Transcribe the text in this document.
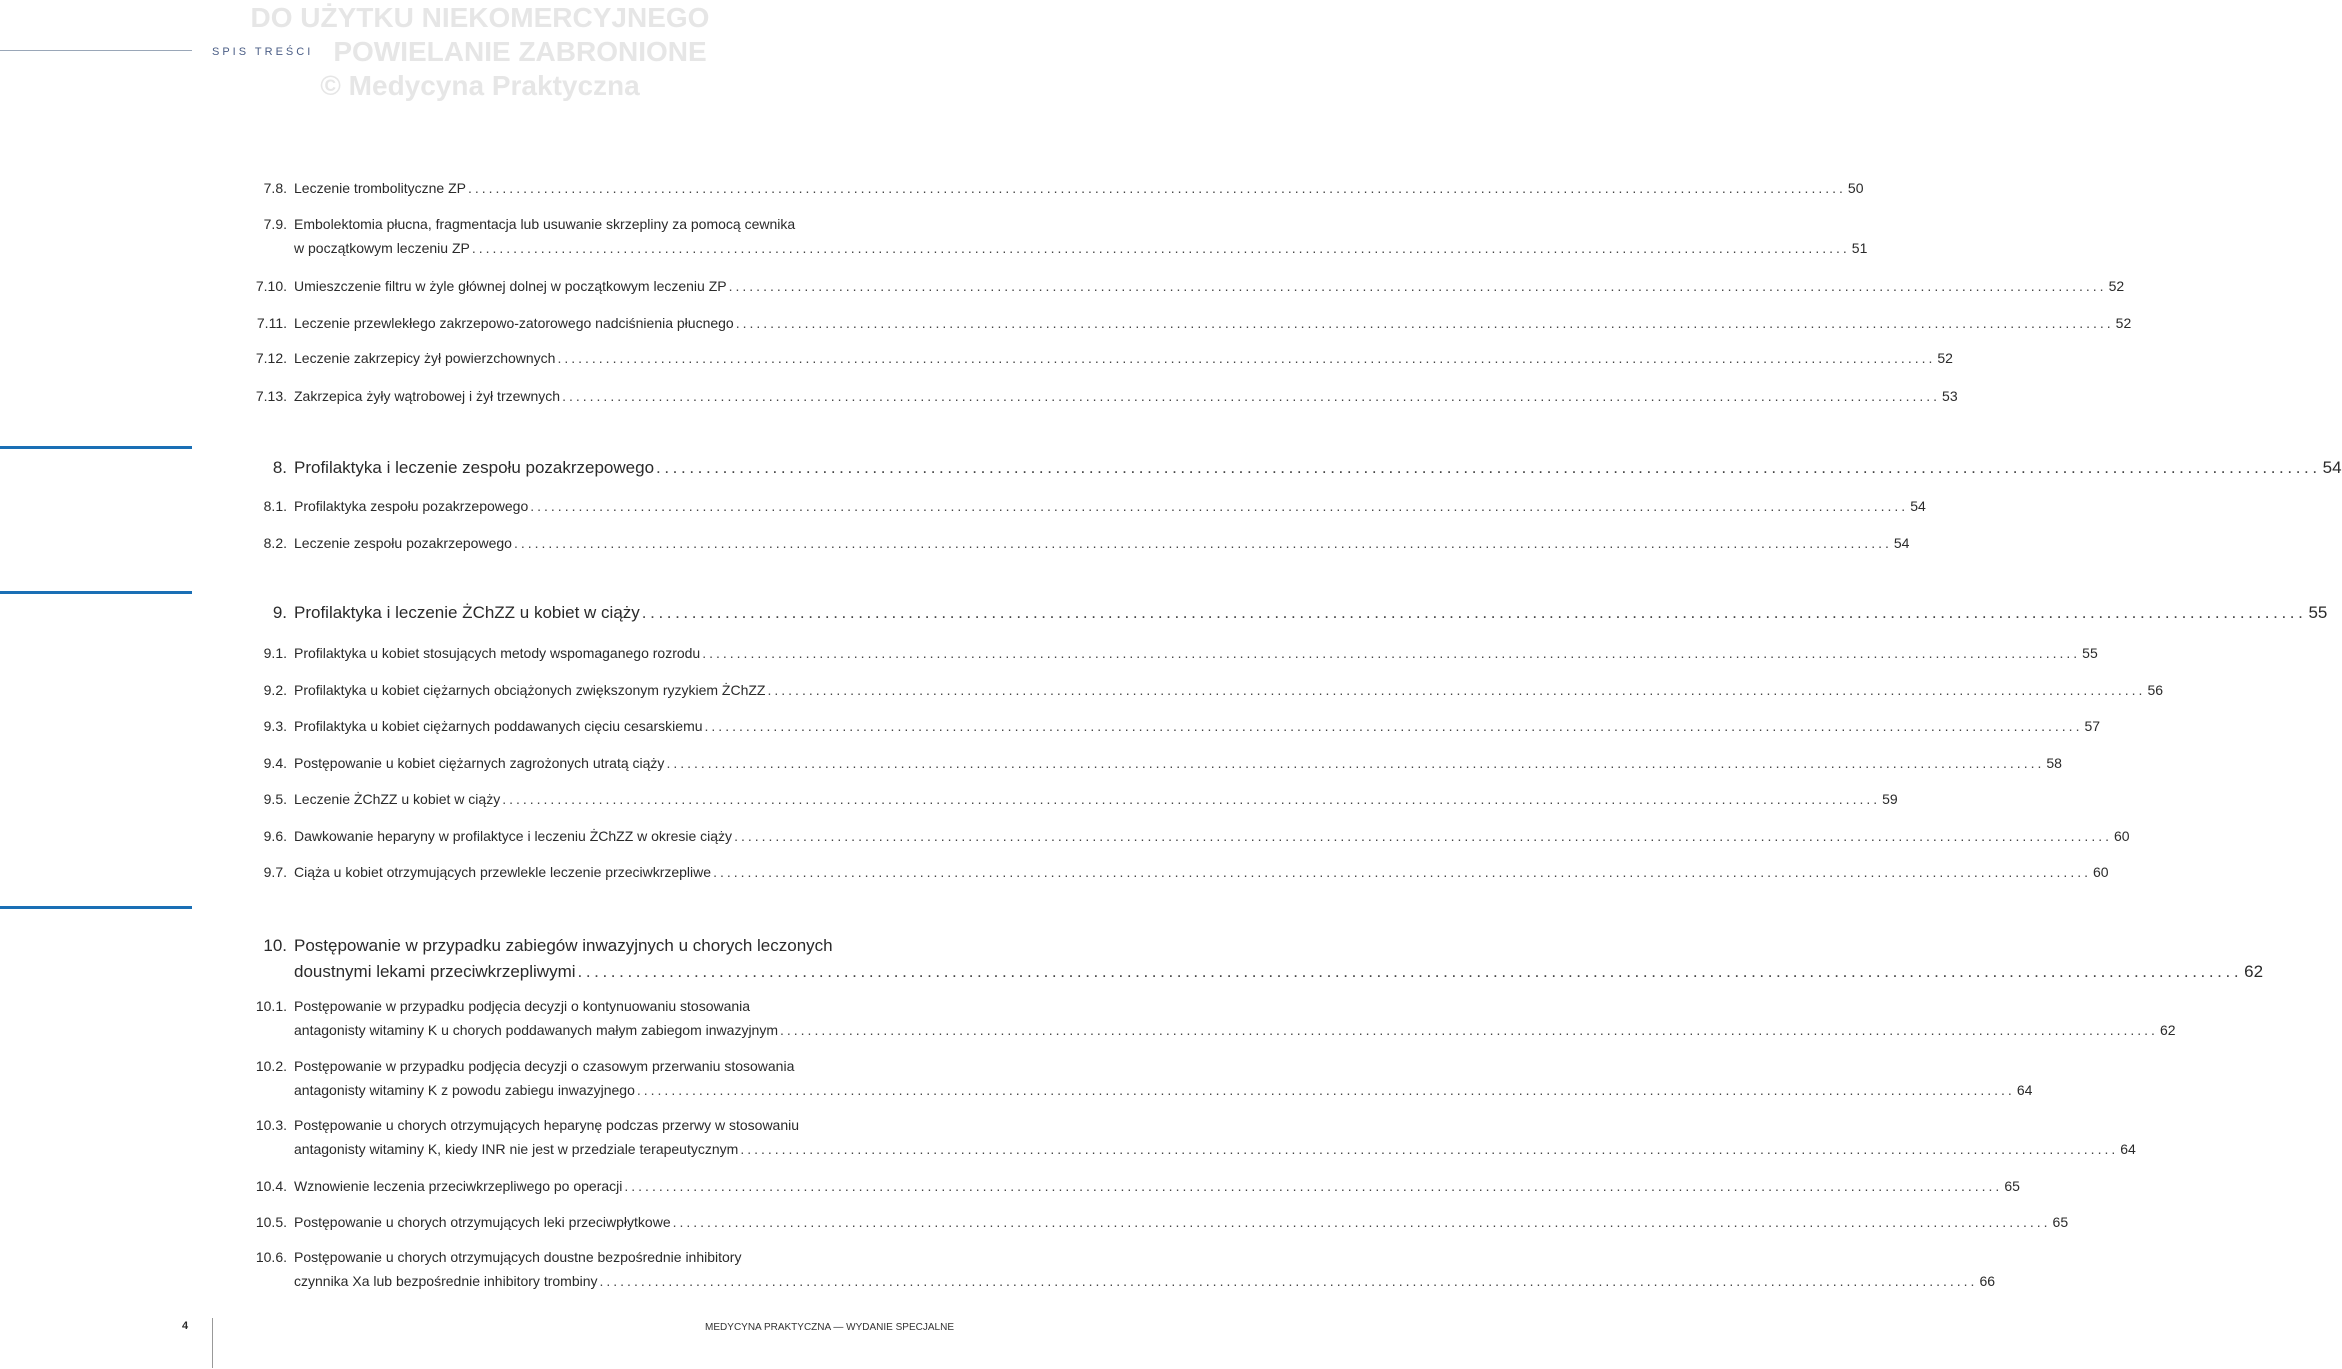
DO UŻYTKU NIEKOMERCYJNEGO
POWIELANIE ZABRONIONE
© Medycyna Praktyczna
SPIS TREŚCI
7.8. Leczenie trombolityczne ZP ........................................................................................................................................................................................................ 50
7.9. Embolektomia płucna, fragmentacja lub usuwanie skrzepliny za pomocą cewnika
w początkowym leczeniu ZP ........................................................................................................................................................................................................ 51
7.10. Umieszczenie filtru w żyle głównej dolnej w początkowym leczeniu ZP ........................................................................................................................................................................................................ 52
7.11. Leczenie przewlekłego zakrzepowo-zatorowego nadciśnienia płucnego ........................................................................................................................................................................................................ 52
7.12. Leczenie zakrzepicy żył powierzchownych ........................................................................................................................................................................................................ 52
7.13. Zakrzepica żyły wątrobowej i żył trzewnych ........................................................................................................................................................................................................ 53
8. Profilaktyka i leczenie zespołu pozakrzepowego ........................................................................................................................................................................................................ 54
8.1. Profilaktyka zespołu pozakrzepowego ........................................................................................................................................................................................................ 54
8.2. Leczenie zespołu pozakrzepowego ........................................................................................................................................................................................................ 54
9. Profilaktyka i leczenie ŻChZZ u kobiet w ciąży ........................................................................................................................................................................................................ 55
9.1. Profilaktyka u kobiet stosujących metody wspomaganego rozrodu ........................................................................................................................................................................................................ 55
9.2. Profilaktyka u kobiet ciężarnych obciążonych zwiększonym ryzykiem ŻChZZ ........................................................................................................................................................................................................ 56
9.3. Profilaktyka u kobiet ciężarnych poddawanych cięciu cesarskiemu ........................................................................................................................................................................................................ 57
9.4. Postępowanie u kobiet ciężarnych zagrożonych utratą ciąży ........................................................................................................................................................................................................ 58
9.5. Leczenie ŻChZZ u kobiet w ciąży ........................................................................................................................................................................................................ 59
9.6. Dawkowanie heparyny w profilaktyce i leczeniu ŻChZZ w okresie ciąży ........................................................................................................................................................................................................ 60
9.7. Ciąża u kobiet otrzymujących przewlekle leczenie przeciwkrzepliwe ........................................................................................................................................................................................................ 60
10. Postępowanie w przypadku zabiegów inwazyjnych u chorych leczonych
doustnymi lekami przeciwkrzepliwymi ........................................................................................................................................................................................................ 62
10.1. Postępowanie w przypadku podjęcia decyzji o kontynuowaniu stosowania
antagonisty witaminy K u chorych poddawanych małym zabiegom inwazyjnym ........................................................................................................................................................................................................ 62
10.2. Postępowanie w przypadku podjęcia decyzji o czasowym przerwaniu stosowania
antagonisty witaminy K z powodu zabiegu inwazyjnego ........................................................................................................................................................................................................ 64
10.3. Postępowanie u chorych otrzymujących heparynę podczas przerwy w stosowaniu
antagonisty witaminy K, kiedy INR nie jest w przedziale terapeutycznym ........................................................................................................................................................................................................ 64
10.4. Wznowienie leczenia przeciwkrzepliwego po operacji ........................................................................................................................................................................................................ 65
10.5. Postępowanie u chorych otrzymujących leki przeciwpłytkowe ........................................................................................................................................................................................................ 65
10.6. Postępowanie u chorych otrzymujących doustne bezpośrednie inhibitory
czynnika Xa lub bezpośrednie inhibitory trombiny ........................................................................................................................................................................................................ 66
4	MEDYCYNA PRAKTYCZNA — WYDANIE SPECJALNE
